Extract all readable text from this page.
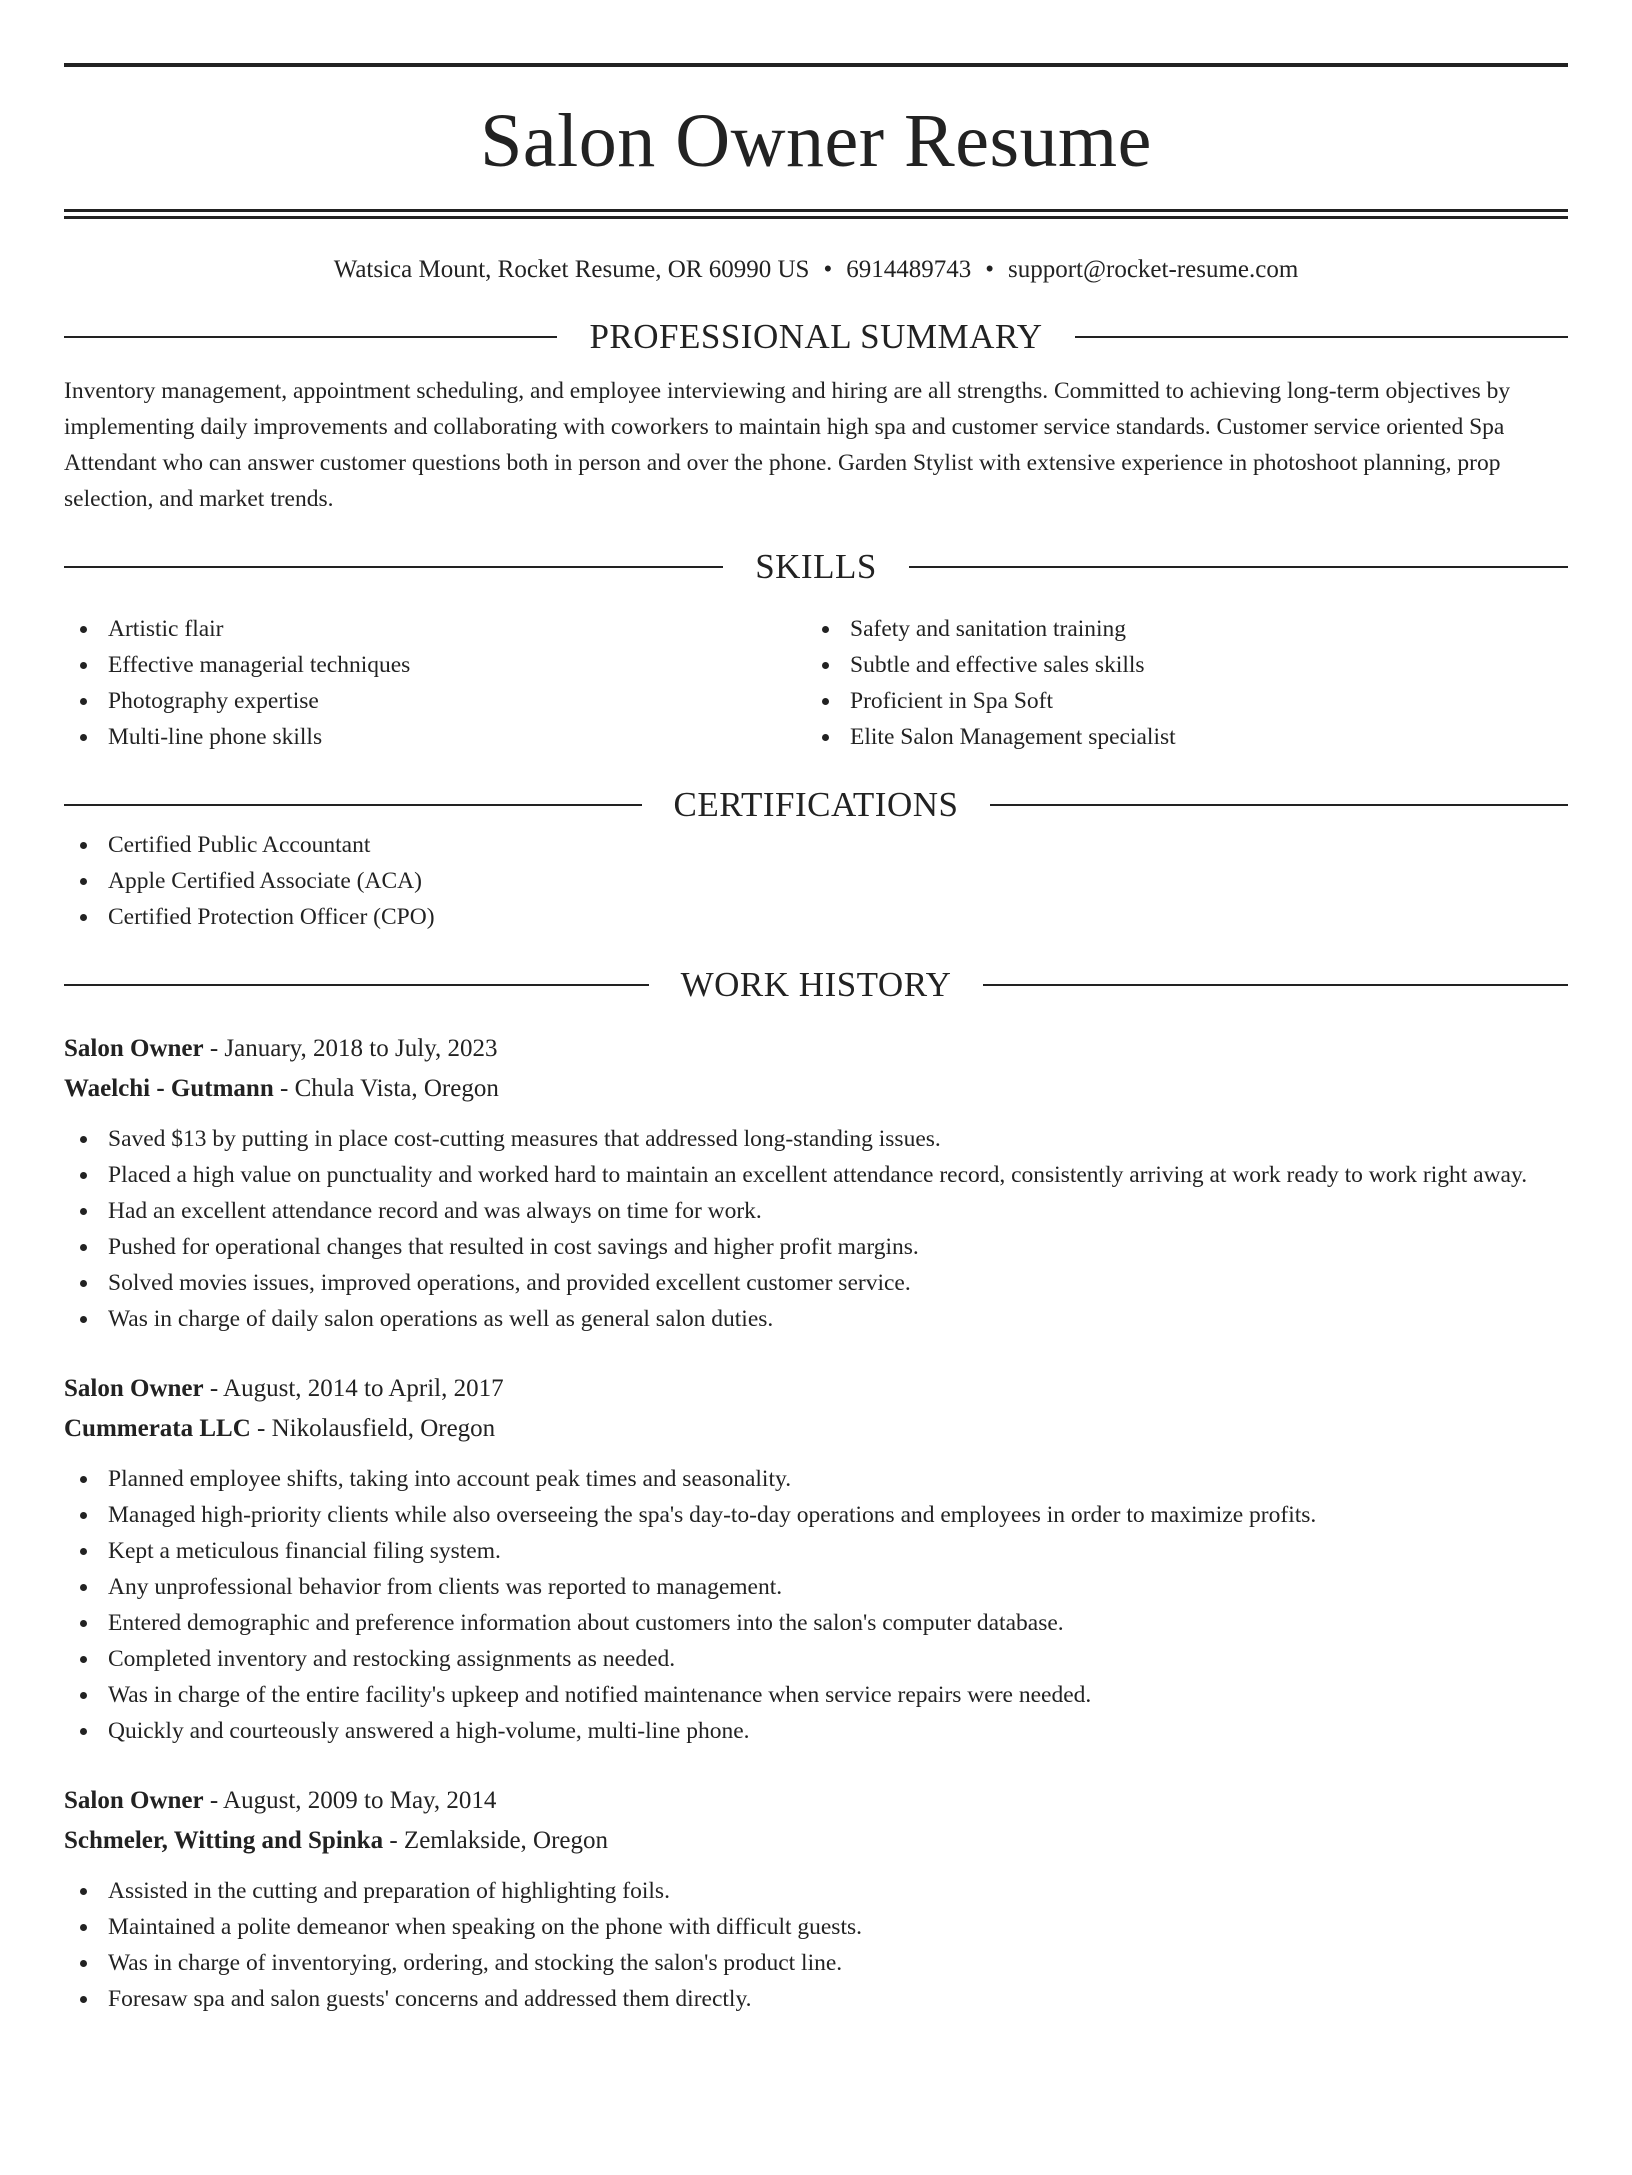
Salon Owner Resume
Watsica Mount, Rocket Resume, OR 60990 US • 6914489743 • support@rocket-resume.com
PROFESSIONAL SUMMARY
Inventory management, appointment scheduling, and employee interviewing and hiring are all strengths. Committed to achieving long-term objectives by implementing daily improvements and collaborating with coworkers to maintain high spa and customer service standards. Customer service oriented Spa Attendant who can answer customer questions both in person and over the phone. Garden Stylist with extensive experience in photoshoot planning, prop selection, and market trends.
SKILLS
Artistic flair
Effective managerial techniques
Photography expertise
Multi-line phone skills
Safety and sanitation training
Subtle and effective sales skills
Proficient in Spa Soft
Elite Salon Management specialist
CERTIFICATIONS
Certified Public Accountant
Apple Certified Associate (ACA)
Certified Protection Officer (CPO)
WORK HISTORY
Salon Owner - January, 2018 to July, 2023
Waelchi - Gutmann - Chula Vista, Oregon
Saved $13 by putting in place cost-cutting measures that addressed long-standing issues.
Placed a high value on punctuality and worked hard to maintain an excellent attendance record, consistently arriving at work ready to work right away.
Had an excellent attendance record and was always on time for work.
Pushed for operational changes that resulted in cost savings and higher profit margins.
Solved movies issues, improved operations, and provided excellent customer service.
Was in charge of daily salon operations as well as general salon duties.
Salon Owner - August, 2014 to April, 2017
Cummerata LLC - Nikolausfield, Oregon
Planned employee shifts, taking into account peak times and seasonality.
Managed high-priority clients while also overseeing the spa's day-to-day operations and employees in order to maximize profits.
Kept a meticulous financial filing system.
Any unprofessional behavior from clients was reported to management.
Entered demographic and preference information about customers into the salon's computer database.
Completed inventory and restocking assignments as needed.
Was in charge of the entire facility's upkeep and notified maintenance when service repairs were needed.
Quickly and courteously answered a high-volume, multi-line phone.
Salon Owner - August, 2009 to May, 2014
Schmeler, Witting and Spinka - Zemlakside, Oregon
Assisted in the cutting and preparation of highlighting foils.
Maintained a polite demeanor when speaking on the phone with difficult guests.
Was in charge of inventorying, ordering, and stocking the salon's product line.
Foresaw spa and salon guests' concerns and addressed them directly.
